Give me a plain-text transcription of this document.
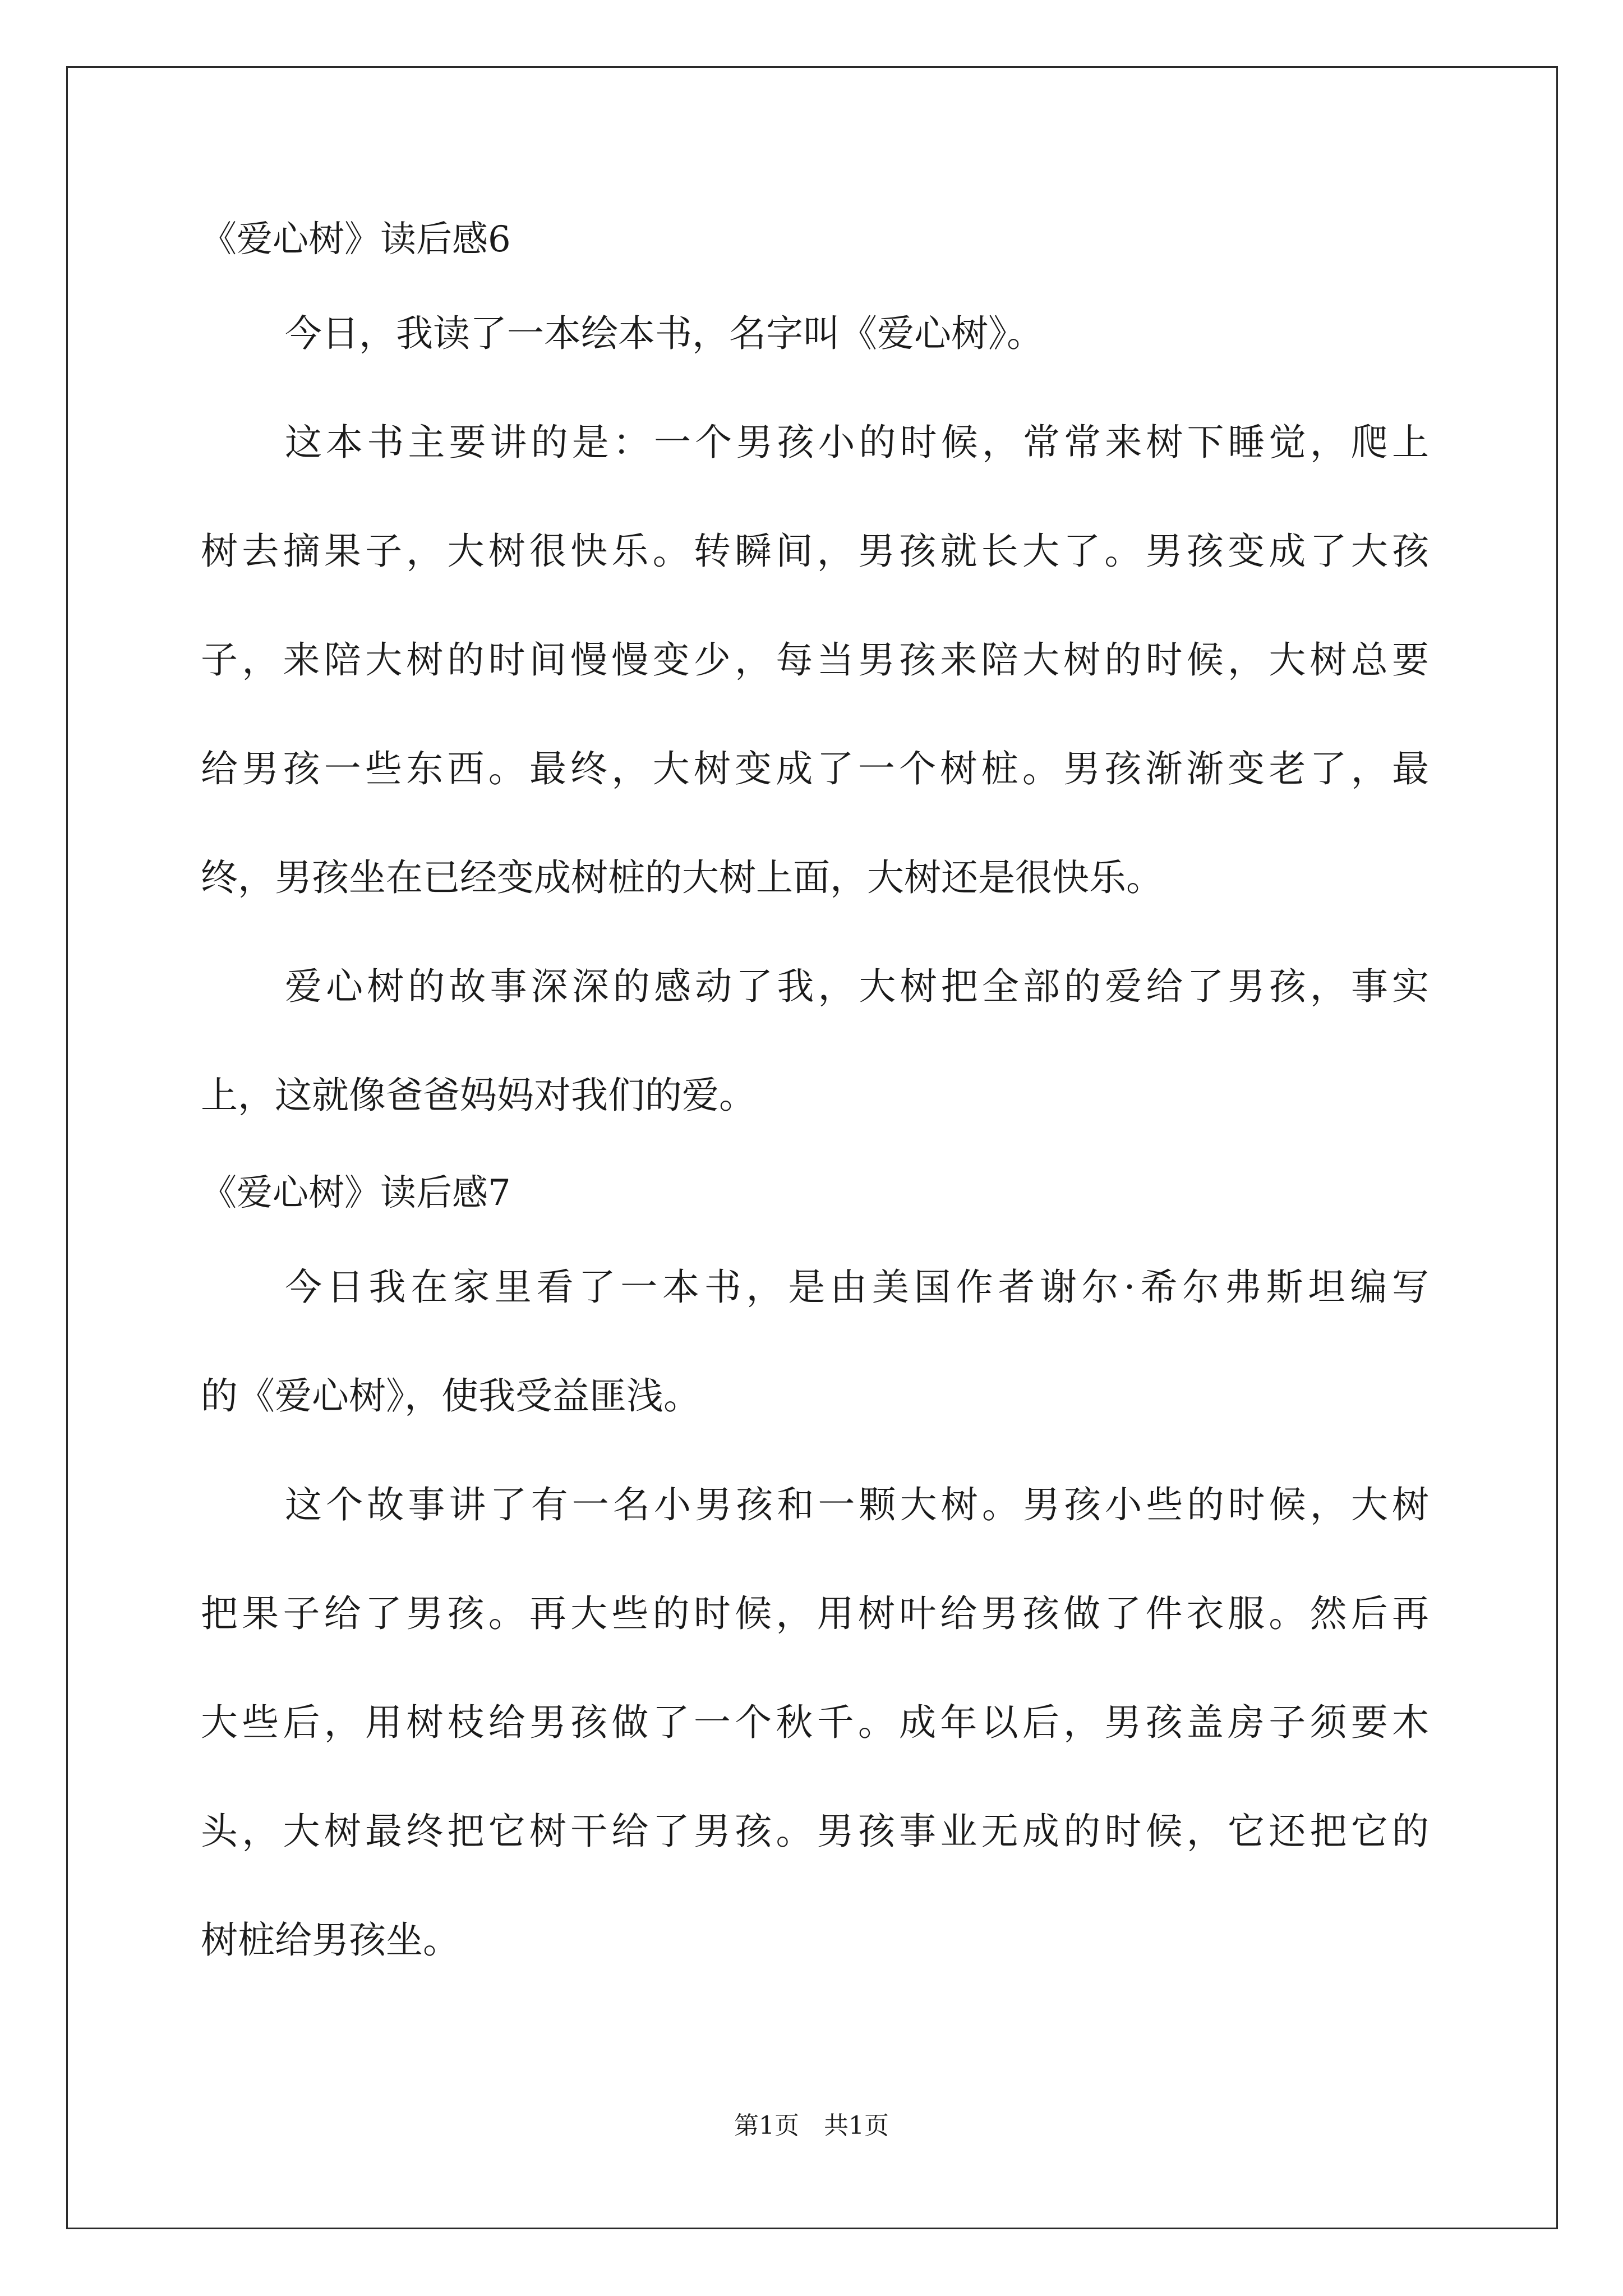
《爱心树》读后感6
今日，我读了一本绘本书，名字叫《爱心树》。
这本书主要讲的是：一个男孩小的时候，常常来树下睡觉，爬上
树去摘果子，大树很快乐。转瞬间，男孩就长大了。男孩变成了大孩
子，来陪大树的时间慢慢变少，每当男孩来陪大树的时候，大树总要
给男孩一些东西。最终，大树变成了一个树桩。男孩渐渐变老了，最
终，男孩坐在已经变成树桩的大树上面，大树还是很快乐。
爱心树的故事深深的感动了我，大树把全部的爱给了男孩，事实
上，这就像爸爸妈妈对我们的爱。
《爱心树》读后感7
今日我在家里看了一本书，是由美国作者谢尔·希尔弗斯坦编写
的《爱心树》，使我受益匪浅。
这个故事讲了有一名小男孩和一颗大树。男孩小些的时候，大树
把果子给了男孩。再大些的时候，用树叶给男孩做了件衣服。然后再
大些后，用树枝给男孩做了一个秋千。成年以后，男孩盖房子须要木
头，大树最终把它树干给了男孩。男孩事业无成的时候，它还把它的
树桩给男孩坐。
第1页　共1页
